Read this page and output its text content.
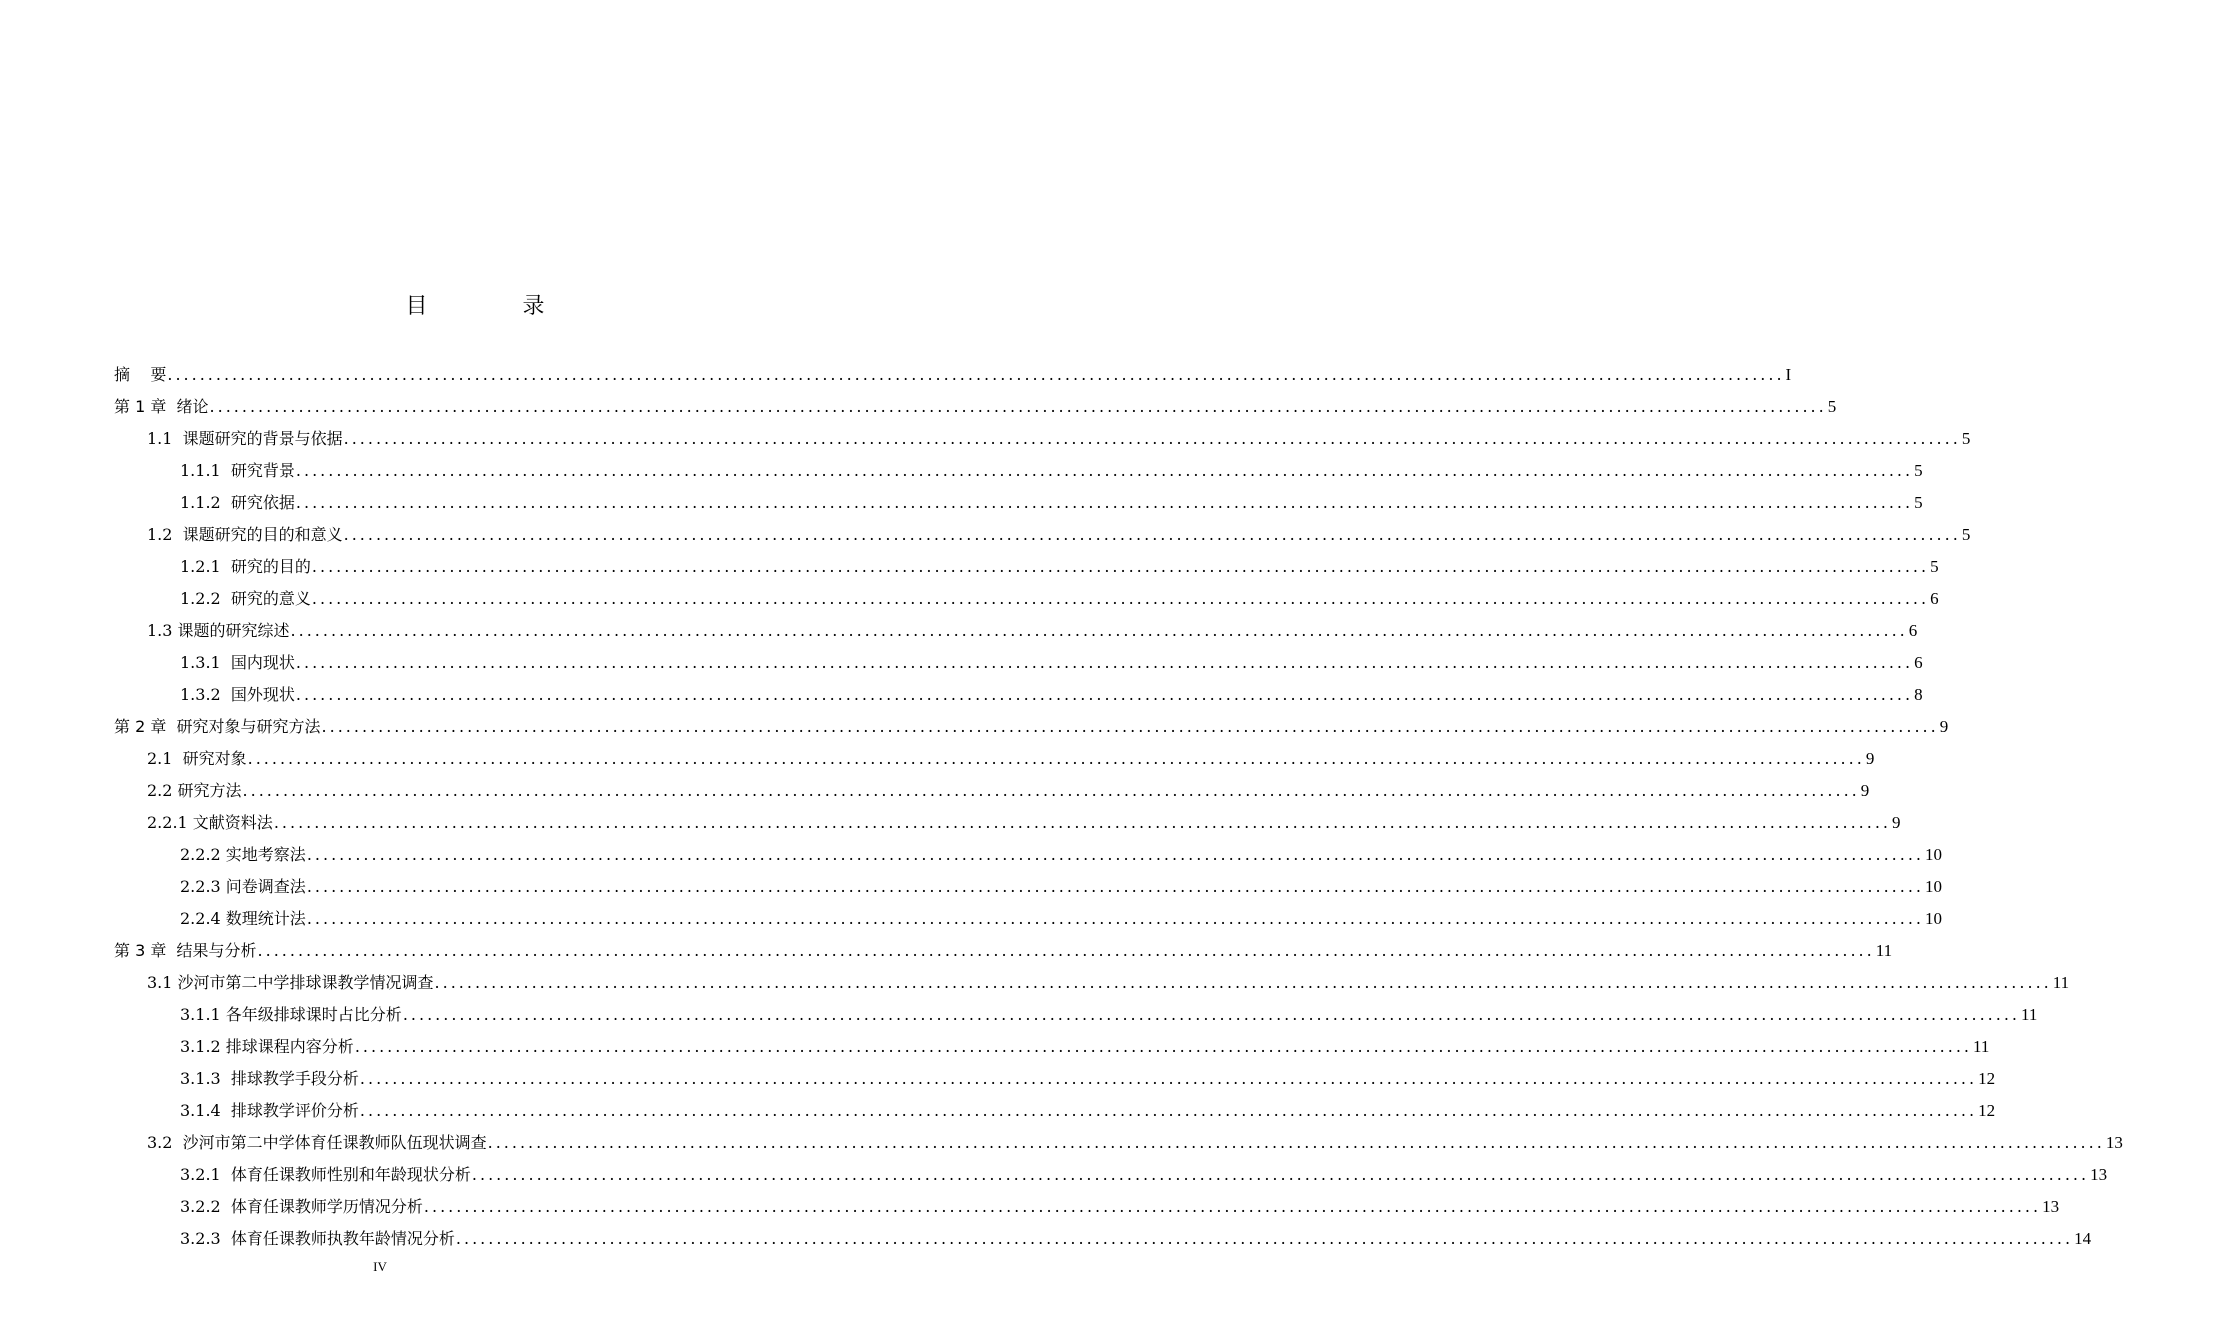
目 录
摘    要 ........................................................................................................................................................................................................ I
第 1 章  绪论 ........................................................................................................................................................................................................ 5
1.1  课题研究的背景与依据 ........................................................................................................................................................................................................ 5
1.1.1  研究背景 ........................................................................................................................................................................................................ 5
1.1.2  研究依据 ........................................................................................................................................................................................................ 5
1.2  课题研究的目的和意义 ........................................................................................................................................................................................................ 5
1.2.1  研究的目的 ........................................................................................................................................................................................................ 5
1.2.2  研究的意义 ........................................................................................................................................................................................................ 6
1.3 课题的研究综述 ........................................................................................................................................................................................................ 6
1.3.1  国内现状 ........................................................................................................................................................................................................ 6
1.3.2  国外现状 ........................................................................................................................................................................................................ 8
第 2 章  研究对象与研究方法 ........................................................................................................................................................................................................ 9
2.1  研究对象 ........................................................................................................................................................................................................ 9
2.2 研究方法 ........................................................................................................................................................................................................ 9
2.2.1 文献资料法 ........................................................................................................................................................................................................ 9
2.2.2 实地考察法 ........................................................................................................................................................................................................ 10
2.2.3 问卷调查法 ........................................................................................................................................................................................................ 10
2.2.4 数理统计法 ........................................................................................................................................................................................................ 10
第 3 章  结果与分析 ........................................................................................................................................................................................................ 11
3.1 沙河市第二中学排球课教学情况调查 ........................................................................................................................................................................................................ 11
3.1.1 各年级排球课时占比分析 ........................................................................................................................................................................................................ 11
3.1.2 排球课程内容分析 ........................................................................................................................................................................................................ 11
3.1.3  排球教学手段分析 ........................................................................................................................................................................................................ 12
3.1.4  排球教学评价分析 ........................................................................................................................................................................................................ 12
3.2  沙河市第二中学体育任课教师队伍现状调查 ........................................................................................................................................................................................................ 13
3.2.1  体育任课教师性别和年龄现状分析 ........................................................................................................................................................................................................ 13
3.2.2  体育任课教师学历情况分析 ........................................................................................................................................................................................................ 13
3.2.3  体育任课教师执教年龄情况分析 ........................................................................................................................................................................................................ 14
IV
